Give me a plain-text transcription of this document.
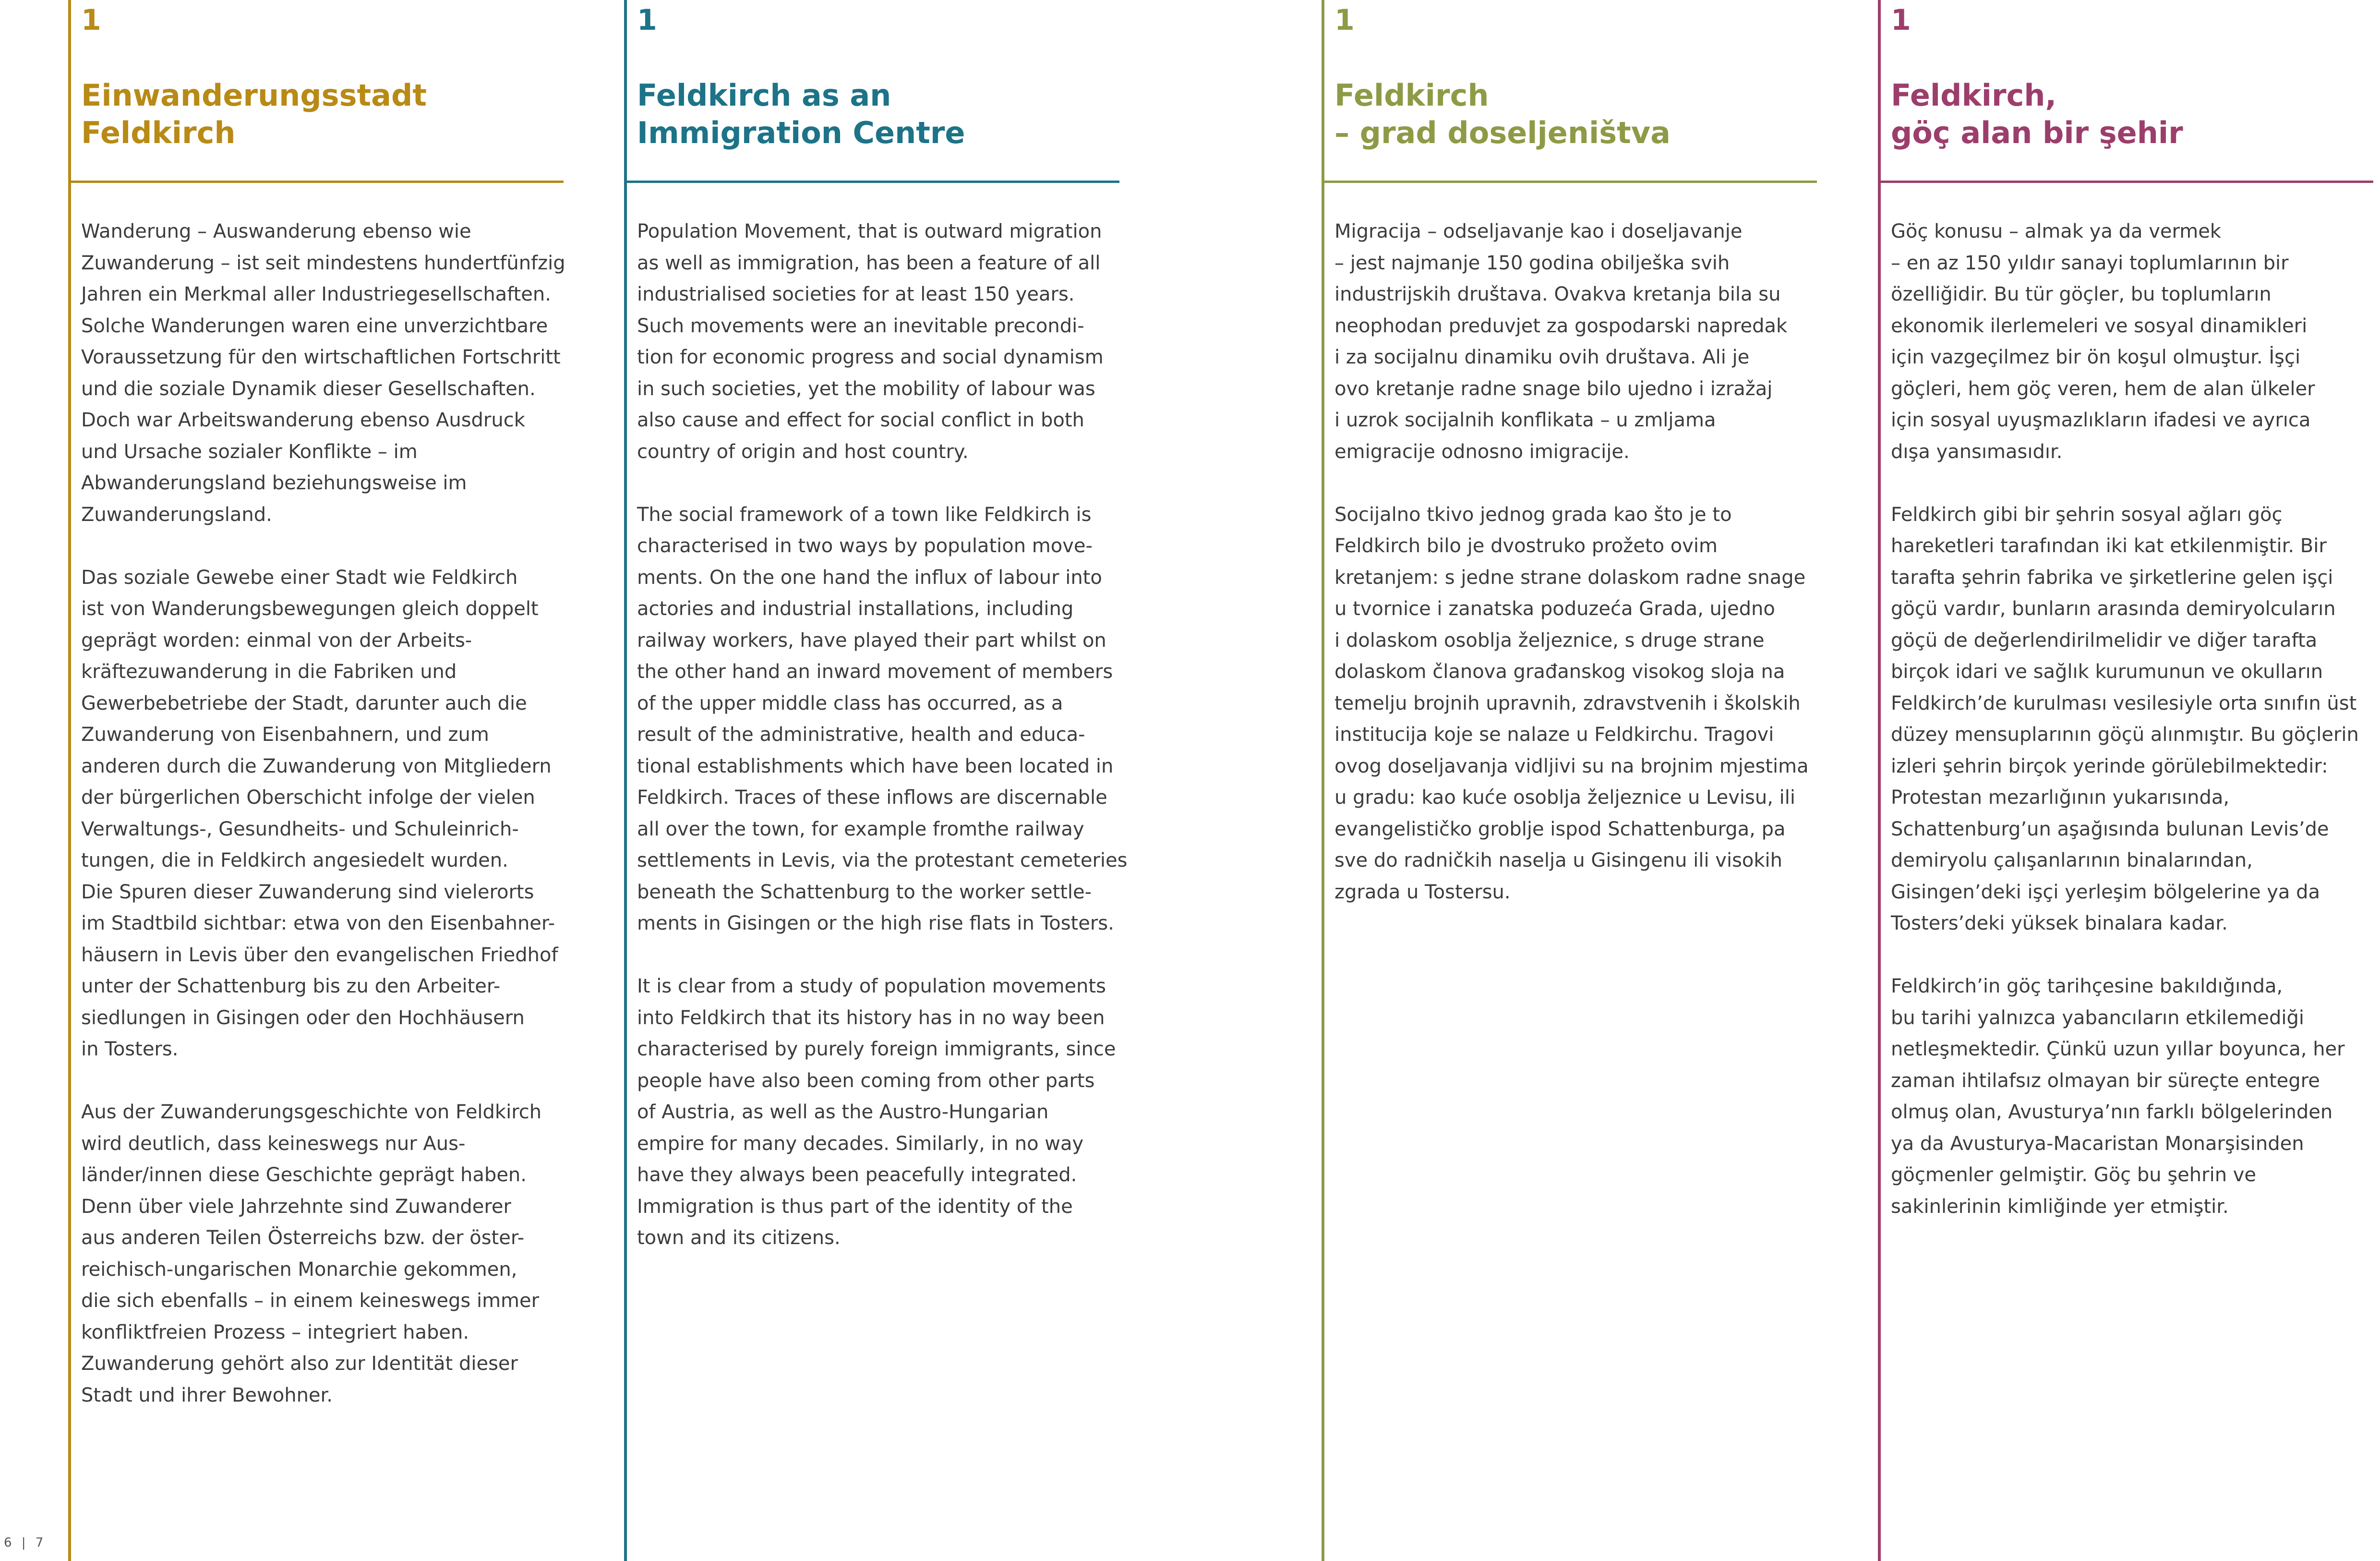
1
Einwanderungsstadt
Feldkirch
Wanderung – Auswanderung ebenso wie
Zuwanderung – ist seit mindestens hundertfünfzig
Jahren ein Merkmal aller Industriegesellschaften.
Solche Wanderungen waren eine unverzichtbare
Voraussetzung für den wirtschaftlichen Fortschritt
und die soziale Dynamik dieser Gesellschaften.
Doch war Arbeitswanderung ebenso Ausdruck
und Ursache sozialer Konflikte – im
Abwanderungsland beziehungsweise im
Zuwanderungsland.

Das soziale Gewebe einer Stadt wie Feldkirch
ist von Wanderungsbewegungen gleich doppelt
geprägt worden: einmal von der Arbeits-
kräftezuwanderung in die Fabriken und
Gewerbebetriebe der Stadt, darunter auch die
Zuwanderung von Eisenbahnern, und zum
anderen durch die Zuwanderung von Mitgliedern
der bürgerlichen Oberschicht infolge der vielen
Verwaltungs-, Gesundheits- und Schuleinrich-
tungen, die in Feldkirch angesiedelt wurden.
Die Spuren dieser Zuwanderung sind vielerorts
im Stadtbild sichtbar: etwa von den Eisenbahner-
häusern in Levis über den evangelischen Friedhof
unter der Schattenburg bis zu den Arbeiter-
siedlungen in Gisingen oder den Hochhäusern
in Tosters.

Aus der Zuwanderungsgeschichte von Feldkirch
wird deutlich, dass keineswegs nur Aus-
länder/innen diese Geschichte geprägt haben.
Denn über viele Jahrzehnte sind Zuwanderer
aus anderen Teilen Österreichs bzw. der öster-
reichisch-ungarischen Monarchie gekommen,
die sich ebenfalls – in einem keineswegs immer
konfliktfreien Prozess – integriert haben.
Zuwanderung gehört also zur Identität dieser
Stadt und ihrer Bewohner.
1
Feldkirch as an
Immigration Centre
Population Movement, that is outward migration
as well as immigration, has been a feature of all
industrialised societies for at least 150 years.
Such movements were an inevitable precondi-
tion for economic progress and social dynamism
in such societies, yet the mobility of labour was
also cause and effect for social conflict in both
country of origin and host country.

The social framework of a town like Feldkirch is
characterised in two ways by population move-
ments. On the one hand the influx of labour into
actories and industrial installations, including
railway workers, have played their part whilst on
the other hand an inward movement of members
of the upper middle class has occurred, as a
result of the administrative, health and educa-
tional establishments which have been located in
Feldkirch. Traces of these inflows are discernable
all over the town, for example fromthe railway
settlements in Levis, via the protestant cemeteries
beneath the Schattenburg to the worker settle-
ments in Gisingen or the high rise flats in Tosters.

It is clear from a study of population movements
into Feldkirch that its history has in no way been
characterised by purely foreign immigrants, since
people have also been coming from other parts
of Austria, as well as the Austro-Hungarian
empire for many decades. Similarly, in no way
have they always been peacefully integrated.
Immigration is thus part of the identity of the
town and its citizens.
1
Feldkirch
– grad doseljeništva
Migracija – odseljavanje kao i doseljavanje
– jest najmanje 150 godina obilješka svih
industrijskih društava. Ovakva kretanja bila su
neophodan preduvjet za gospodarski napredak
i za socijalnu dinamiku ovih društava. Ali je
ovo kretanje radne snage bilo ujedno i izražaj
i uzrok socijalnih konflikata – u zmljama
emigracije odnosno imigracije.

Socijalno tkivo jednog grada kao što je to
Feldkirch bilo je dvostruko prožeto ovim
kretanjem: s jedne strane dolaskom radne snage
u tvornice i zanatska poduzeća Grada, ujedno
i dolaskom osoblja željeznice, s druge strane
dolaskom članova građanskog visokog sloja na
temelju brojnih upravnih, zdravstvenih i školskih
institucija koje se nalaze u Feldkirchu. Tragovi
ovog doseljavanja vidljivi su na brojnim mjestima
u gradu: kao kuće osoblja željeznice u Levisu, ili
evangelističko groblje ispod Schattenburga, pa
sve do radničkih naselja u Gisingenu ili visokih
zgrada u Tostersu.
1
Feldkirch,
göç alan bir şehir
Göç konusu – almak ya da vermek
– en az 150 yıldır sanayi toplumlarının bir
özelliğidir. Bu tür göçler, bu toplumların
ekonomik ilerlemeleri ve sosyal dinamikleri
için vazgeçilmez bir ön koşul olmuştur. İşçi
göçleri, hem göç veren, hem de alan ülkeler
için sosyal uyuşmazlıkların ifadesi ve ayrıca
dışa yansımasıdır.

Feldkirch gibi bir şehrin sosyal ağları göç
hareketleri tarafından iki kat etkilenmiştir. Bir
tarafta şehrin fabrika ve şirketlerine gelen işçi
göçü vardır, bunların arasında demiryolcuların
göçü de değerlendirilmelidir ve diğer tarafta
birçok idari ve sağlık kurumunun ve okulların
Feldkirch’de kurulması vesilesiyle orta sınıfın üst
düzey mensuplarının göçü alınmıştır. Bu göçlerin
izleri şehrin birçok yerinde görülebilmektedir:
Protestan mezarlığının yukarısında,
Schattenburg’un aşağısında bulunan Levis’de
demiryolu çalışanlarının binalarından,
Gisingen’deki işçi yerleşim bölgelerine ya da
Tosters’deki yüksek binalara kadar.

Feldkirch’in göç tarihçesine bakıldığında,
bu tarihi yalnızca yabancıların etkilemediği
netleşmektedir. Çünkü uzun yıllar boyunca, her
zaman ihtilafsız olmayan bir süreçte entegre
olmuş olan, Avusturya’nın farklı bölgelerinden
ya da Avusturya-Macaristan Monarşisinden
göçmenler gelmiştir. Göç bu şehrin ve
sakinlerinin kimliğinde yer etmiştir.
6 | 7
